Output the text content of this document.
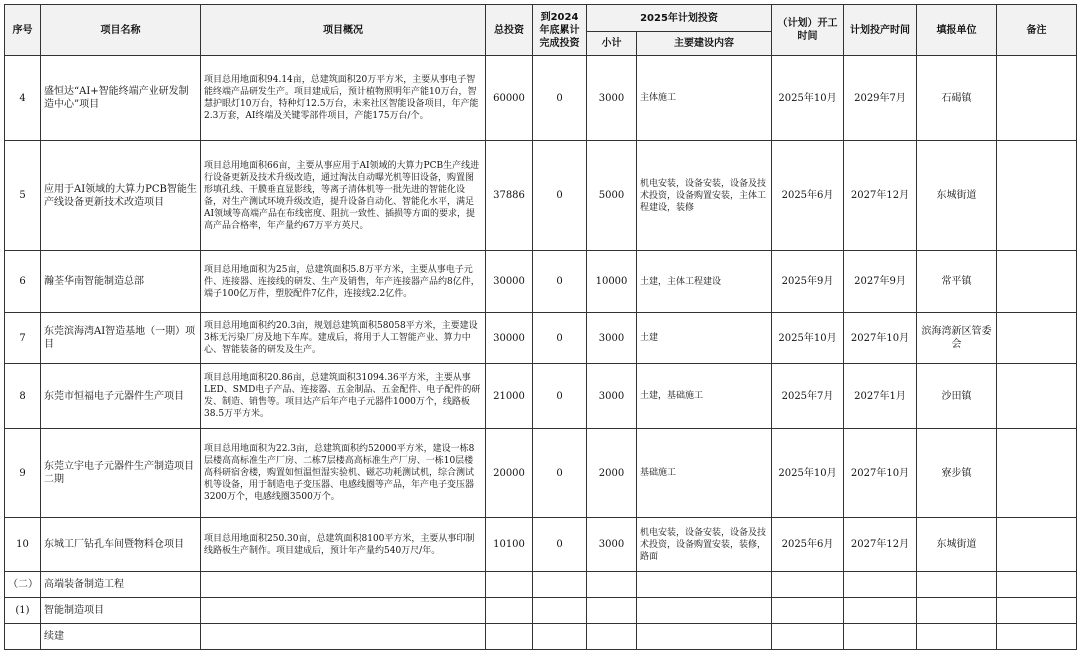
序号	项目名称	项目概况	总投资	到2024年底累计完成投资	2025年计划投资		（计划）开工时间	计划投产时间	填报单位	备注
					小计	主要建设内容				
4	盛恒达“AI+智能终端产业研发制造中心”项目	项目总用地面积94.14亩，总建筑面积20万平方米，主要从事电子智能终端产品研发生产。项目建成后，预计植物照明年产能10万台，智慧护眼灯10万台，特种灯12.5万台，未来社区智能设备项目，年产能2.3万套，AI终端及关键零部件项目，产能175万台/个。	60000	0	3000	主体施工	2025年10月	2029年7月	石碣镇	
5	应用于AI领域的大算力PCB智能生产线设备更新技术改造项目	项目总用地面积66亩，主要从事应用于AI领域的大算力PCB生产线进行设备更新及技术升级改造，通过淘汰自动曝光机等旧设备，购置图形填孔线、干膜垂直显影线，等离子清体机等一批先进的智能化设备，对生产测试环境升级改造，提升设备自动化、智能化水平，满足AI领域等高端产品在布线密度、阻抗一致性、插损等方面的要求，提高产品合格率，年产量约67万平方英尺。	37886	0	5000	机电安装，设备安装，设备及技术投资，设备购置安装，主体工程建设，装修	2025年6月	2027年12月	东城街道	
6	瀚荃华南智能制造总部	项目总用地面积为25亩，总建筑面积5.8万平方米，主要从事电子元件、连接器、连接线的研发、生产及销售，年产连接器产品约8亿件，端子100亿万件，塑胶配件7亿件，连接线2.2亿件。	30000	0	10000	土建，主体工程建设	2025年9月	2027年9月	常平镇	
7	东莞滨海湾AI智造基地（一期）项目	项目总用地面积约20.3亩，规划总建筑面积58058平方米，主要建设3栋无污染厂房及地下车库。建成后，将用于人工智能产业、算力中心、智能装备的研发及生产。	30000	0	3000	土建	2025年10月	2027年10月	滨海湾新区管委会	
8	东莞市恒福电子元器件生产项目	项目总用地面积20.86亩，总建筑面积31094.36平方米，主要从事LED、SMD电子产品、连接器、五金制品、五金配件、电子配件的研发、制造、销售等。项目达产后年产电子元器件1000万个，线路板38.5万平方米。	21000	0	3000	土建，基础施工	2025年7月	2027年1月	沙田镇	
9	东莞立宇电子元器件生产制造项目二期	项目总用地面积为22.3亩，总建筑面积约52000平方米，建设一栋8层楼高高标准生产厂房、二栋7层楼高高标准生产厂房、一栋10层楼高科研宿舍楼，购置如恒温恒湿实验机、磁芯功耗测试机，综合测试机等设备，用于制造电子变压器、电感线圈等产品，年产电子变压器3200万个，电感线圈3500万个。	20000	0	2000	基础施工	2025年10月	2027年10月	寮步镇	
10	东城工厂钻孔车间暨物料仓项目	项目总用地面积250.30亩，总建筑面积8100平方米，主要从事印制线路板生产制作。项目建成后，预计年产量约540万尺/年。	10100	0	3000	机电安装，设备安装，设备及技术投资，设备购置安装，装修，路面	2025年6月	2027年12月	东城街道	
（二）	高端装备制造工程									
(1)	智能制造项目									
	续建									
